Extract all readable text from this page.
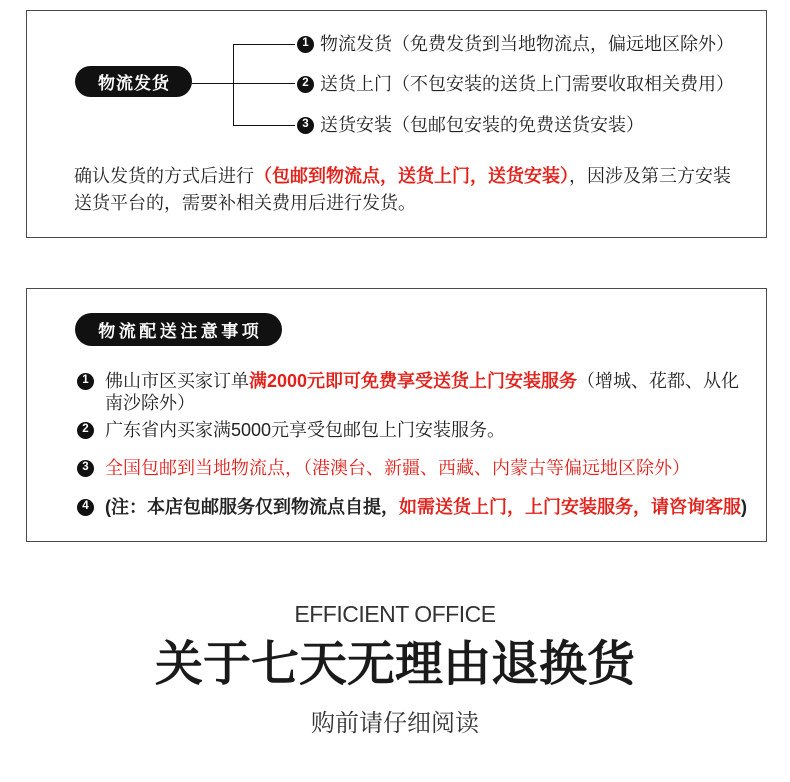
物流发货
1 物流发货（免费发货到当地物流点，偏远地区除外）
2 送货上门（不包安装的送货上门需要收取相关费用）
3 送货安装（包邮包安装的免费送货安装）
确认发货的方式后进行（包邮到物流点，送货上门，送货安装），因涉及第三方安装送货平台的，需要补相关费用后进行发货。
物流配送注意事项
1 佛山市区买家订单满2000元即可免费享受送货上门安装服务（增城、花都、从化南沙除外）
2 广东省内买家满5000元享受包邮包上门安装服务。
3 全国包邮到当地物流点，（港澳台、新疆、西藏、内蒙古等偏远地区除外）
4 (注：本店包邮服务仅到物流点自提，如需送货上门，上门安装服务，请咨询客服)
EFFICIENT OFFICE
关于七天无理由退换货
购前请仔细阅读
